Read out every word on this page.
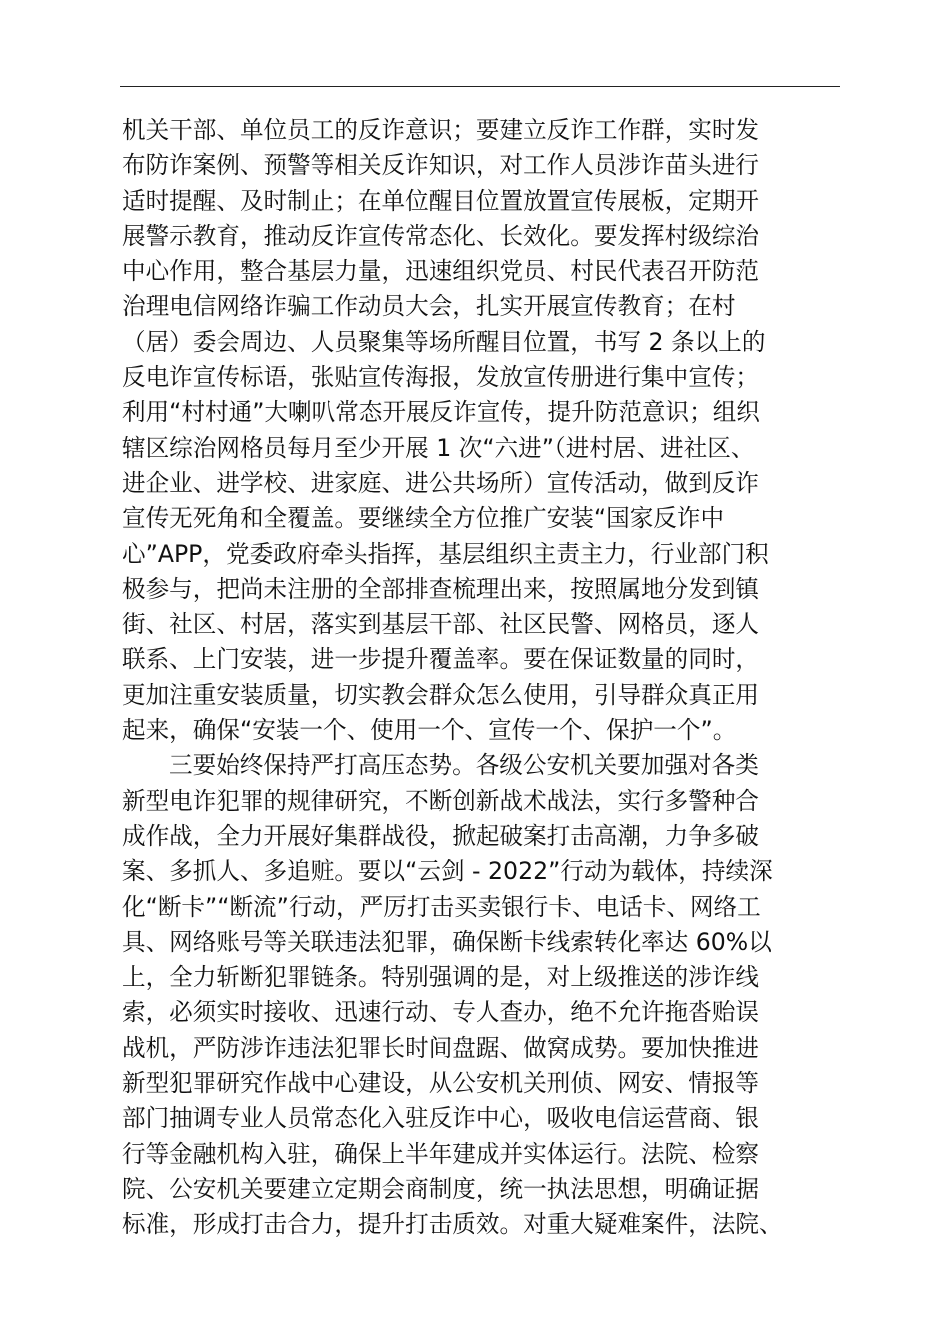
机关干部、单位员工的反诈意识；要建立反诈工作群，实时发
布防诈案例、预警等相关反诈知识，对工作人员涉诈苗头进行
适时提醒、及时制止；在单位醒目位置放置宣传展板，定期开
展警示教育，推动反诈宣传常态化、长效化。要发挥村级综治
中心作用，整合基层力量，迅速组织党员、村民代表召开防范
治理电信网络诈骗工作动员大会，扎实开展宣传教育；在村
（居）委会周边、人员聚集等场所醒目位置，书写 2 条以上的
反电诈宣传标语，张贴宣传海报，发放宣传册进行集中宣传；
利用“村村通”大喇叭常态开展反诈宣传，提升防范意识；组织
辖区综治网格员每月至少开展 1 次“六进”（进村居、进社区、
进企业、进学校、进家庭、进公共场所）宣传活动，做到反诈
宣传无死角和全覆盖。要继续全方位推广安装“国家反诈中
心”APP，党委政府牵头指挥，基层组织主责主力，行业部门积
极参与，把尚未注册的全部排查梳理出来，按照属地分发到镇
街、社区、村居，落实到基层干部、社区民警、网格员，逐人
联系、上门安装，进一步提升覆盖率。要在保证数量的同时，
更加注重安装质量，切实教会群众怎么使用，引导群众真正用
起来，确保“安装一个、使用一个、宣传一个、保护一个”。
三要始终保持严打高压态势。各级公安机关要加强对各类
新型电诈犯罪的规律研究，不断创新战术战法，实行多警种合
成作战，全力开展好集群战役，掀起破案打击高潮，力争多破
案、多抓人、多追赃。要以“云剑 - 2022”行动为载体，持续深
化“断卡”“断流”行动，严厉打击买卖银行卡、电话卡、网络工
具、网络账号等关联违法犯罪，确保断卡线索转化率达 60%以
上，全力斩断犯罪链条。特别强调的是，对上级推送的涉诈线
索，必须实时接收、迅速行动、专人查办，绝不允许拖沓贻误
战机，严防涉诈违法犯罪长时间盘踞、做窝成势。要加快推进
新型犯罪研究作战中心建设，从公安机关刑侦、网安、情报等
部门抽调专业人员常态化入驻反诈中心，吸收电信运营商、银
行等金融机构入驻，确保上半年建成并实体运行。法院、检察
院、公安机关要建立定期会商制度，统一执法思想，明确证据
标准，形成打击合力，提升打击质效。对重大疑难案件，法院、
